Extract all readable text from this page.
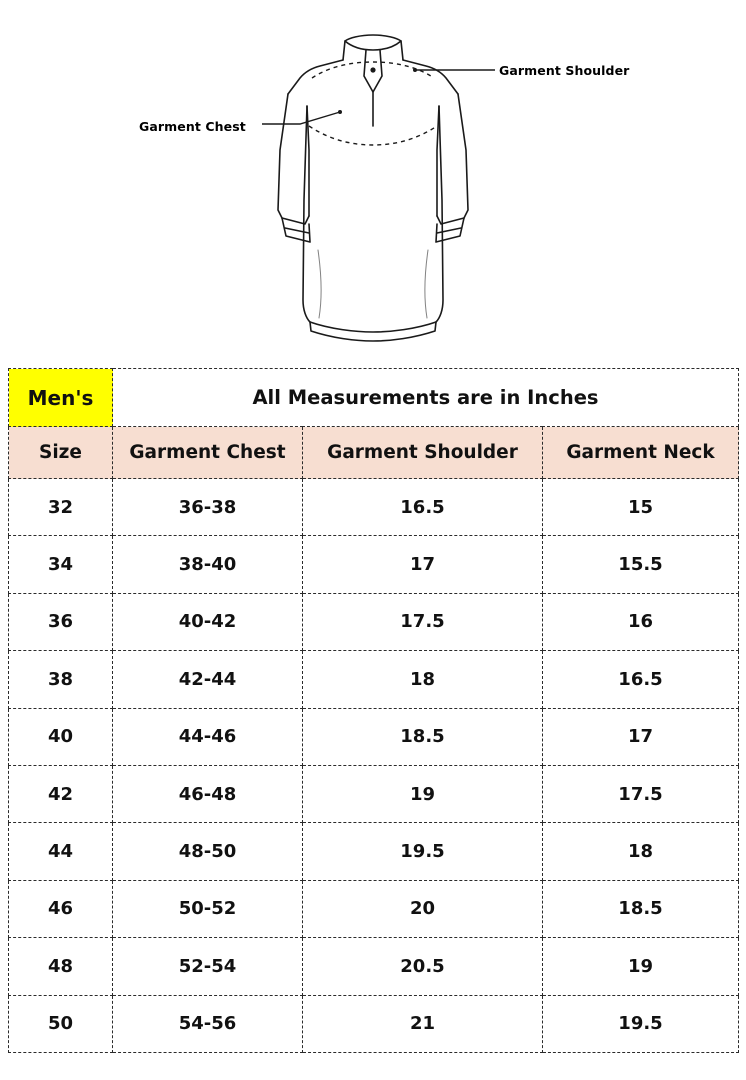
Garment Shoulder
Garment Chest
Men's	All Measurements are in Inches		
Size	Garment Chest	Garment Shoulder	Garment Neck
32	36-38	16.5	15
34	38-40	17	15.5
36	40-42	17.5	16
38	42-44	18	16.5
40	44-46	18.5	17
42	46-48	19	17.5
44	48-50	19.5	18
46	50-52	20	18.5
48	52-54	20.5	19
50	54-56	21	19.5
